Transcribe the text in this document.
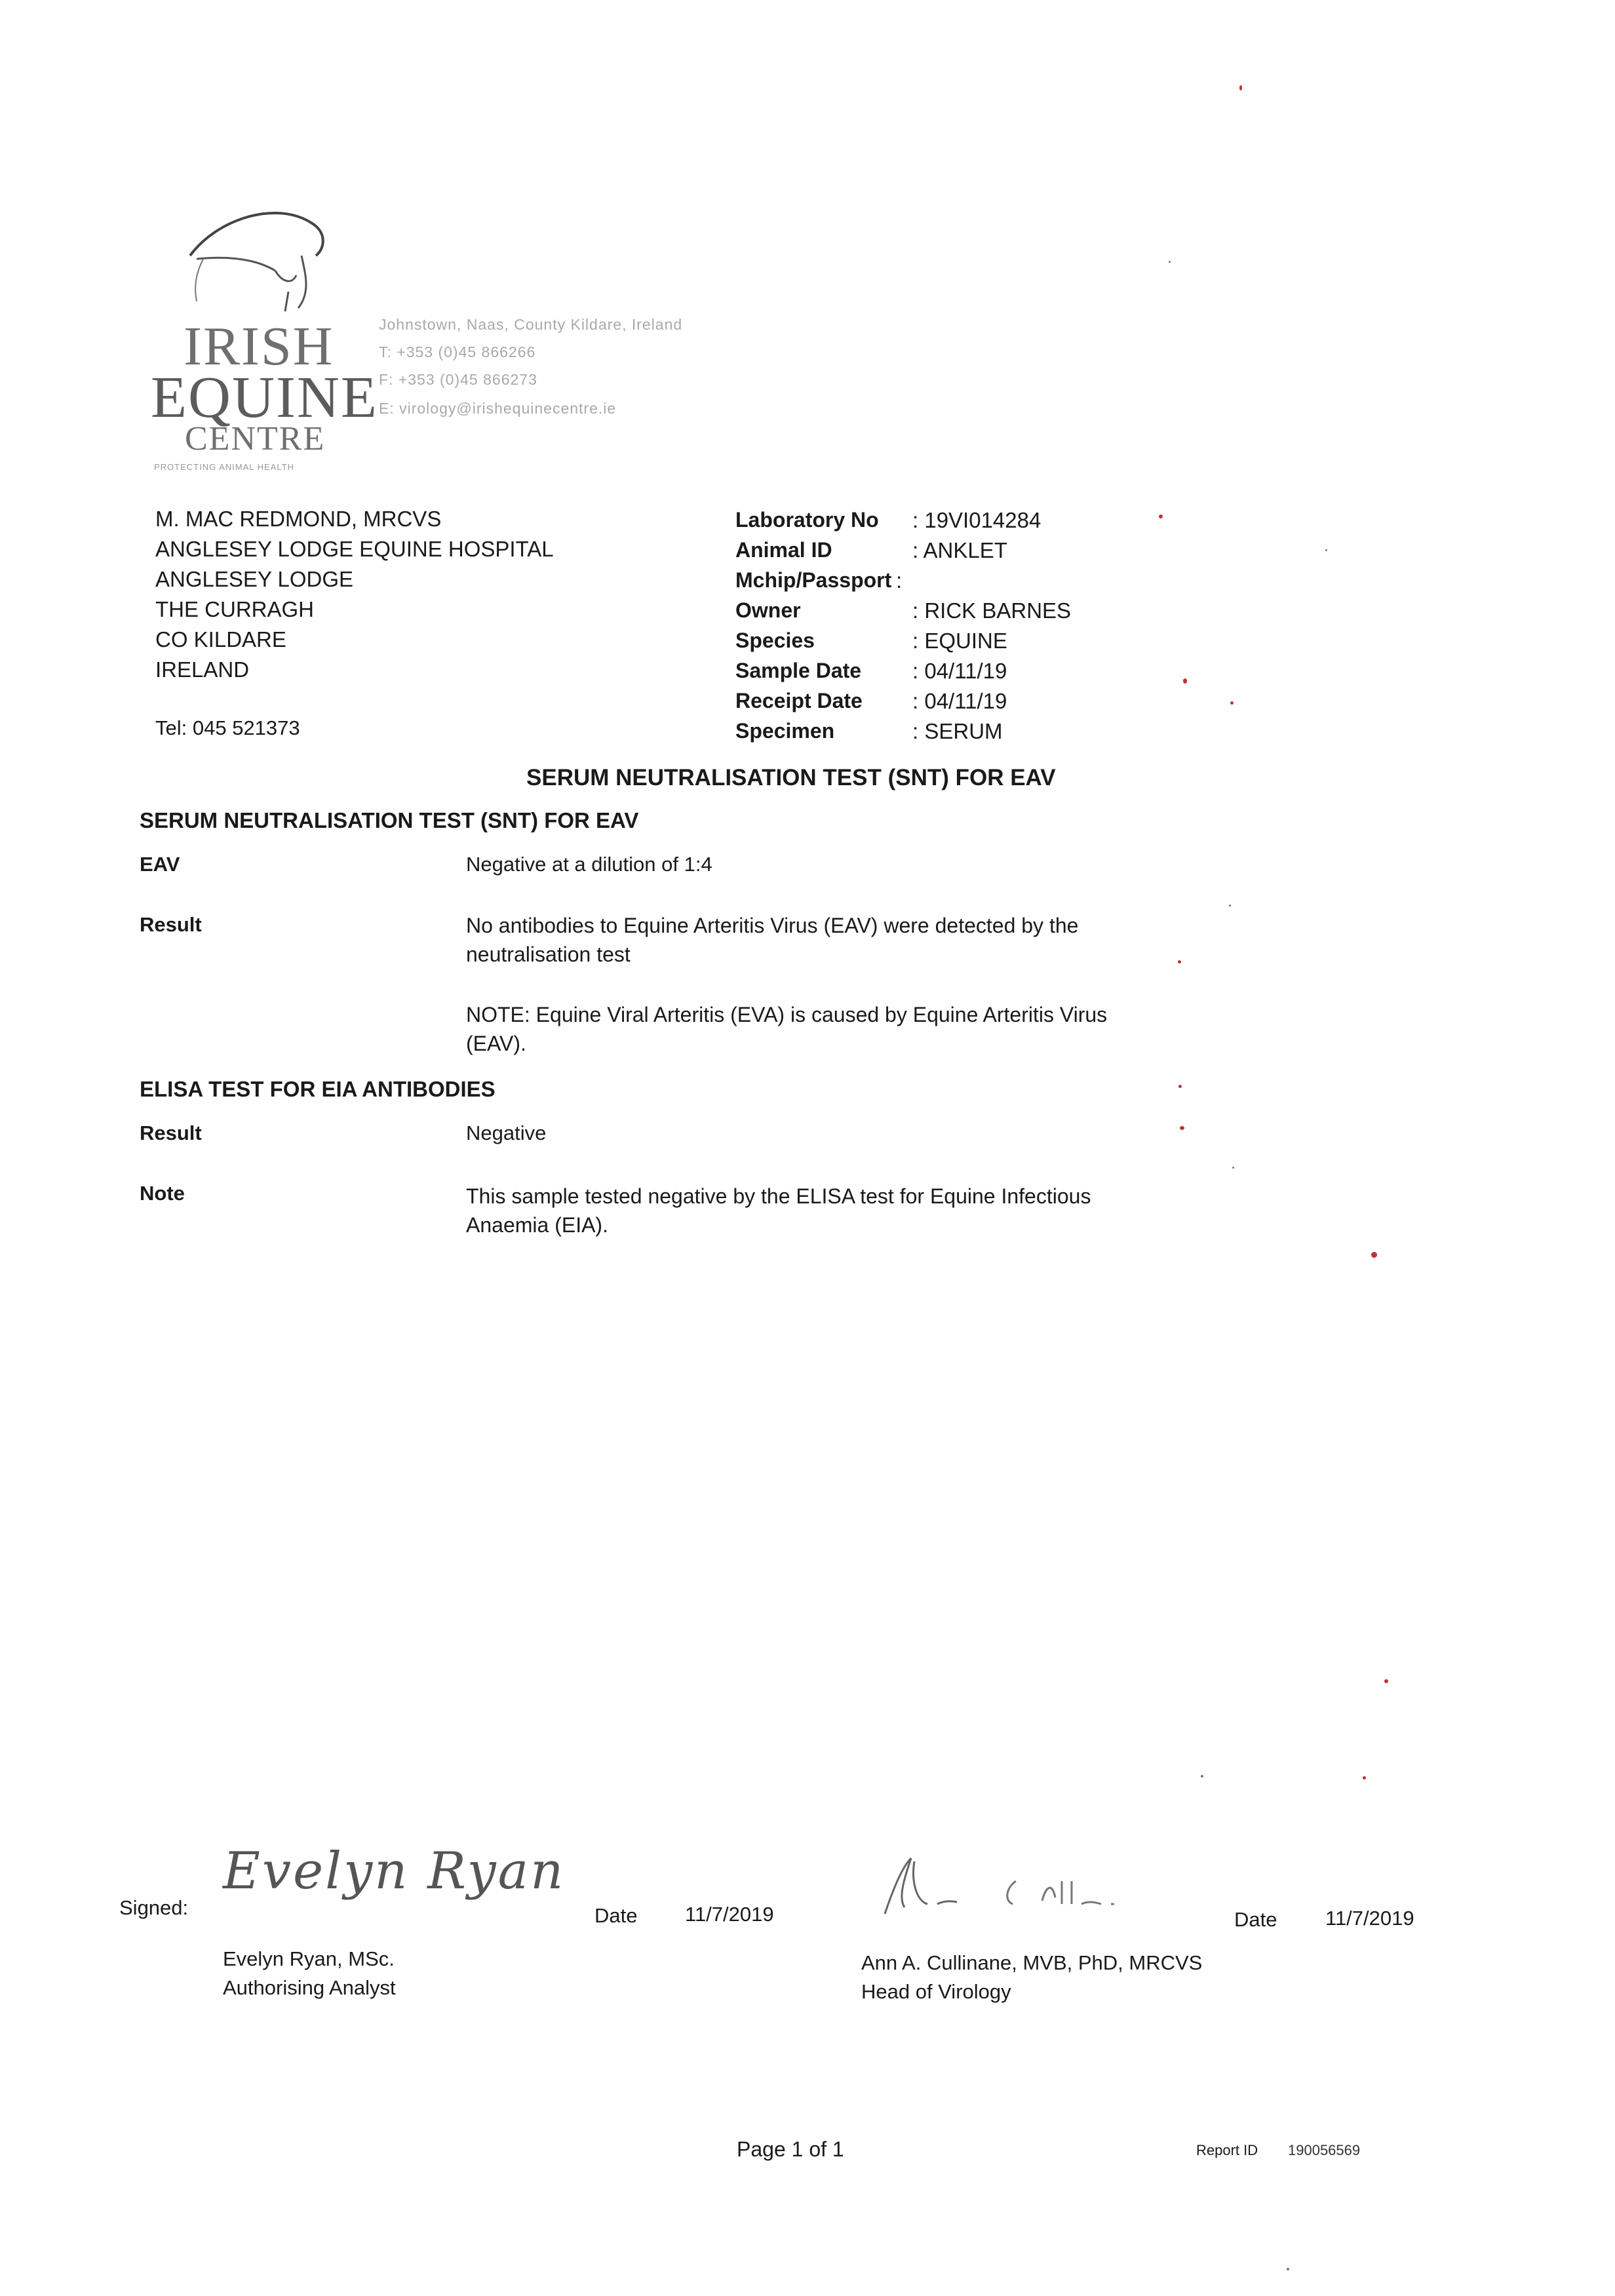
IRISH
EQUINE
CENTRE
PROTECTING ANIMAL HEALTH
Johnstown, Naas, County Kildare, Ireland
T: +353 (0)45 866266
F: +353 (0)45 866273
E: virology@irishequinecentre.ie
M. MAC REDMOND, MRCVS
ANGLESEY LODGE EQUINE HOSPITAL
ANGLESEY LODGE
THE CURRAGH
CO KILDARE
IRELAND
Tel: 045 521373
Laboratory No : 19VI014284
Animal ID	: ANKLET
Mchip/Passport :
Owner	: RICK BARNES
Species	: EQUINE
Sample Date : 04/11/19
Receipt Date : 04/11/19
Specimen	: SERUM
SERUM NEUTRALISATION TEST (SNT) FOR EAV
SERUM NEUTRALISATION TEST (SNT) FOR EAV
EAV	Negative at a dilution of 1:4
Result	No antibodies to Equine Arteritis Virus (EAV) were detected by the neutralisation test
NOTE: Equine Viral Arteritis (EVA) is caused by Equine Arteritis Virus (EAV).
ELISA TEST FOR EIA ANTIBODIES
Result	Negative
Note	This sample tested negative by the ELISA test for Equine Infectious Anaemia (EIA).
Signed:
Evelyn Ryan
Date 11/7/2019
Evelyn Ryan, MSc.
Authorising Analyst
Date 11/7/2019
Ann A. Cullinane, MVB, PhD, MRCVS
Head of Virology
Page 1 of 1	Report ID 190056569
